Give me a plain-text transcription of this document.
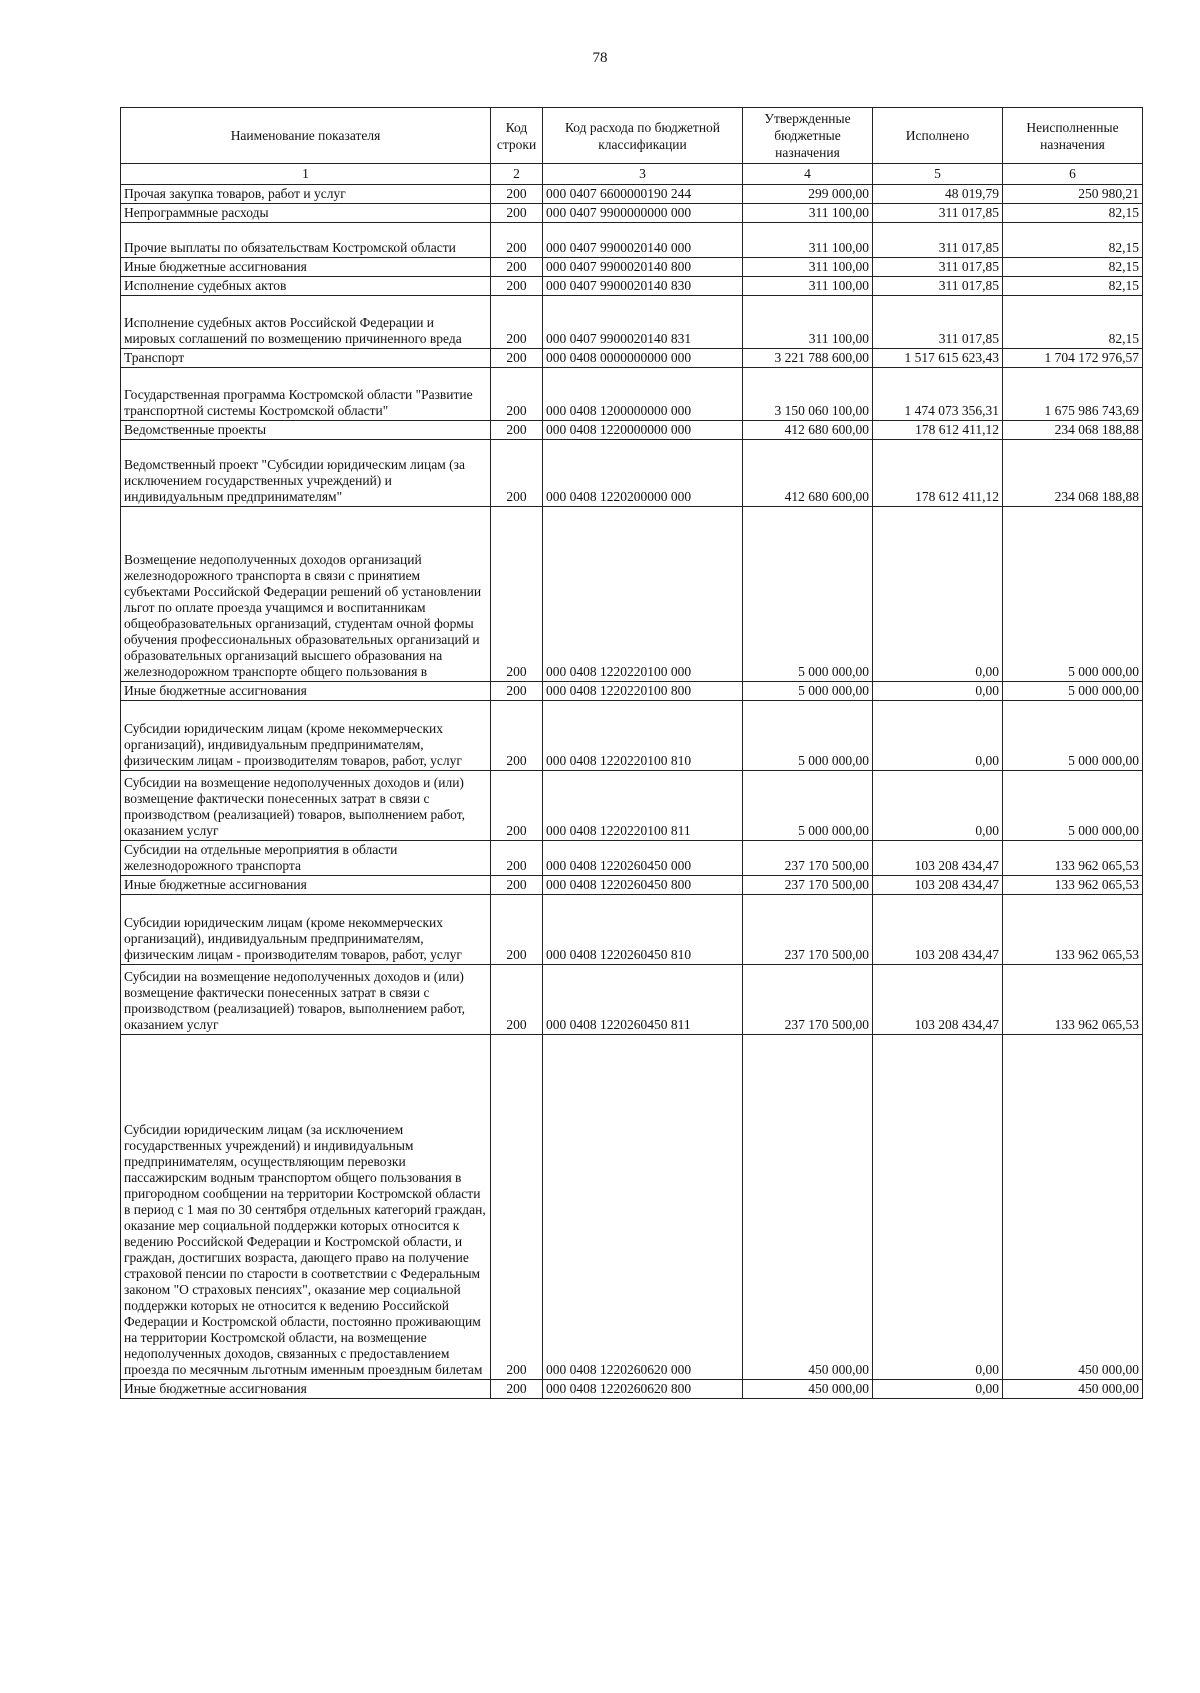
78
Наименование показателя	Код строки	Код расхода по бюджетной классификации	Утвержденные бюджетные назначения	Исполнено	Неисполненные назначения
1	2	3	4	5	6
Прочая закупка товаров, работ и услуг	200	000 0407 6600000190 244	299 000,00	48 019,79	250 980,21
Непрограммные расходы	200	000 0407 9900000000 000	311 100,00	311 017,85	82,15
Прочие выплаты по обязательствам Костромской области	200	000 0407 9900020140 000	311 100,00	311 017,85	82,15
Иные бюджетные ассигнования	200	000 0407 9900020140 800	311 100,00	311 017,85	82,15
Исполнение судебных актов	200	000 0407 9900020140 830	311 100,00	311 017,85	82,15
Исполнение судебных актов Российской Федерации и мировых соглашений по возмещению причиненного вреда	200	000 0407 9900020140 831	311 100,00	311 017,85	82,15
Транспорт	200	000 0408 0000000000 000	3 221 788 600,00	1 517 615 623,43	1 704 172 976,57
Государственная программа Костромской области "Развитие транспортной системы Костромской области"	200	000 0408 1200000000 000	3 150 060 100,00	1 474 073 356,31	1 675 986 743,69
Ведомственные проекты	200	000 0408 1220000000 000	412 680 600,00	178 612 411,12	234 068 188,88
Ведомственный проект "Субсидии юридическим лицам (за исключением государственных учреждений) и индивидуальным предпринимателям"	200	000 0408 1220200000 000	412 680 600,00	178 612 411,12	234 068 188,88
Возмещение недополученных доходов организаций железнодорожного транспорта в связи с принятием субъектами Российской Федерации решений об установлении льгот по оплате проезда учащимся и воспитанникам общеобразовательных организаций, студентам очной формы обучения профессиональных образовательных организаций и образовательных организаций высшего образования на железнодорожном транспорте общего пользования в	200	000 0408 1220220100 000	5 000 000,00	0,00	5 000 000,00
Иные бюджетные ассигнования	200	000 0408 1220220100 800	5 000 000,00	0,00	5 000 000,00
Субсидии юридическим лицам (кроме некоммерческих организаций), индивидуальным предпринимателям, физическим лицам - производителям товаров, работ, услуг	200	000 0408 1220220100 810	5 000 000,00	0,00	5 000 000,00
Субсидии на возмещение недополученных доходов и (или) возмещение фактически понесенных затрат в связи с производством (реализацией) товаров, выполнением работ, оказанием услуг	200	000 0408 1220220100 811	5 000 000,00	0,00	5 000 000,00
Субсидии на отдельные мероприятия в области железнодорожного транспорта	200	000 0408 1220260450 000	237 170 500,00	103 208 434,47	133 962 065,53
Иные бюджетные ассигнования	200	000 0408 1220260450 800	237 170 500,00	103 208 434,47	133 962 065,53
Субсидии юридическим лицам (кроме некоммерческих организаций), индивидуальным предпринимателям, физическим лицам - производителям товаров, работ, услуг	200	000 0408 1220260450 810	237 170 500,00	103 208 434,47	133 962 065,53
Субсидии на возмещение недополученных доходов и (или) возмещение фактически понесенных затрат в связи с производством (реализацией) товаров, выполнением работ, оказанием услуг	200	000 0408 1220260450 811	237 170 500,00	103 208 434,47	133 962 065,53
Субсидии юридическим лицам (за исключением государственных учреждений) и индивидуальным предпринимателям, осуществляющим перевозки пассажирским водным транспортом общего пользования в пригородном сообщении на территории Костромской области в период с 1 мая по 30 сентября отдельных категорий граждан, оказание мер социальной поддержки которых относится к ведению Российской Федерации и Костромской области, и граждан, достигших возраста, дающего право на получение страховой пенсии по старости в соответствии с Федеральным законом "О страховых пенсиях", оказание мер социальной поддержки которых не относится к ведению Российской Федерации и Костромской области, постоянно проживающим на территории Костромской области, на возмещение недополученных доходов, связанных с предоставлением проезда по месячным льготным именным проездным билетам	200	000 0408 1220260620 000	450 000,00	0,00	450 000,00
Иные бюджетные ассигнования	200	000 0408 1220260620 800	450 000,00	0,00	450 000,00
